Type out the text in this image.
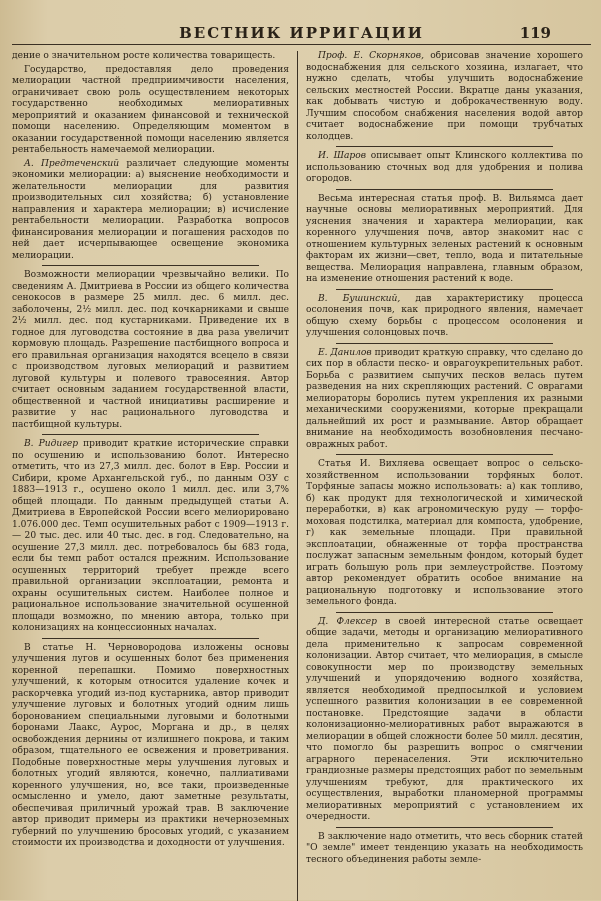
ВЕСТНИК ИРРИГАЦИИ	119

дение о значительном росте количества товарищесть.

Государство, предоставляя дело проведения мелиорации частной предприимчивости населения, ограничивает свою роль осуществлением некоторых государственно необходимых мелиоративных мероприятий и оказанием финансовой и технической помощи населению. Определяющим моментом в оказании государственной помощи населению является рентабельность намечаемой мелиорации.

А. Предтеченский различает следующие моменты экономики мелиорации: а) выяснение необходимости и желательности мелиорации для развития производительных сил хозяйства; б) установление направления и характера мелиорации; в) исчисление рентабельности мелиорации. Разработка вопросов финансирования мелиорации и погашения расходов по ней дает исчерпывающее освещение экономика мелиорации.

Возможности мелиорации чрезвычайно велики. По сведениям А. Дмитриева в России из общего количества сенокосов в размере 25 милл. дес. 6 милл. дес. заболочены, 2½ милл. дес. под кочкарниками и свыше 2½ милл. дес. под кустарниками. Приведение их в годное для луговодства состояние в два раза увеличит кормовую площадь. Разрешение пастбищного вопроса и его правильная организация находятся всецело в связи с производством луговых мелиораций и развитием луговой культуры и полевого травосеяния. Автор считает основным заданием государственной власти, общественной и частной инициативы расширение и развитие у нас рационального луговодства и пастбищной культуры.

В. Ридигер приводит краткие исторические справки по осушению и использованию болот. Интересно отметить, что из 27,3 милл. дес. болот в Евр. России и Сибири, кроме Архангельской губ., по данным ОЗУ с 1883—1913 г., осушено около 1 милл. дес. или 3,7% общей площади. По данным предыдущей статьи А. Дмитриева в Европейской России всего мелиорировано 1.076.000 дес. Темп осушительных работ с 1909—1913 г. — 20 тыс. дес. или 40 тыс. дес. в год. Следовательно, на осушение 27,3 милл. дес. потребовалось бы 683 года, если бы темп работ остался прежним. Использование осушенных территорий требует прежде всего правильной организации эксплоатации, ремонта и охраны осушительных систем. Наиболее полное и рациональное использование значительной осушенной площади возможно, по мнению автора, только при колонизациях на концессионных началах.

В статье Н. Черновородова изложены основы улучшения лугов и осушенных болот без применения коренной перепашки. Помимо поверхностных улучшений, к которым относится удаление кочек и раскорчевка угодий из-под кустарника, автор приводит улучшение луговых и болотных угодий одним лишь боронованием специальными луговыми и болотными боронами Лаакс, Аурос, Моргана и др., в целях освобождения дернины от излишнего покрова, и таким образом, тщательного ее освежения и проветривания. Подобные поверхностные меры улучшения луговых и болотных угодий являются, конечно, паллиативами коренного улучшения, но, все таки, произведенные осмысленно и умело, дают заметные результаты, обеспечивая приличный урожай трав. В заключение автор приводит примеры из практики нечерноземных губерний по улучшению бросовых угодий, с указанием стоимости их производства и доходности от улучшения.

Проф. Е. Скорняков, обрисовав значение хорошего водоснабжения для сельского хозяина, излагает, что нужно сделать, чтобы улучшить водоснабжение сельских местностей России. Вкратце даны указания, как добывать чистую и доброкачественную воду. Лучшим способом снабжения населения водой автор считает водоснабжение при помощи трубчатых колодцев.

И. Шаров описывает опыт Клинского коллектива по использованию сточных вод для удобрения и полива огородов.

Весьма интересная статья проф. В. Вильямса дает научные основы мелиоративных мероприятий. Для уяснения значения и характера мелиорации, как коренного улучшения почв, автор знакомит нас с отношением культурных зеленых растений к основным факторам их жизни—свет, тепло, вода и питательные вещества. Мелиорация направлена, главным образом, на изменение отношения растений к воде.

В. Бушинский, дав характеристику процесса осолонения почв, как природного явления, намечает общую схему борьбы с процессом осолонения и улучшения солонцовых почв.

Е. Данилов приводит краткую справку, что сделано до сих пор в области песко- и оврагоукрепительных работ. Борьба с развитием сыпучих песков велась путем разведения на них скрепляющих растений. С оврагами мелиораторы боролись путем укрепления их разными механическими сооружениями, которые прекращали дальнейший их рост и размывание. Автор обращает внимание на необходимость возобновления песчано-овражных работ.

Статья И. Вихляева освещает вопрос о сельско-хозяйственном использовании торфяных болот. Торфяные запасы можно использовать: а) как топливо, б) как продукт для технологической и химической переработки, в) как агрономическую руду — торфо-моховая подстилка, материал для компоста, удобрение, г) как земельные площади. При правильной эксплоатации, обнаженные от торфа пространства послужат запасным земельным фондом, который будет играть большую роль при землеустройстве. Поэтому автор рекомендует обратить особое внимание на рациональную подготовку и использование этого земельного фонда.

Д. Флексер в своей интересной статье освещает общие задачи, методы и организацию мелиоративного дела применительно к запросам современной колонизации. Автор считает, что мелиорация, в смысле совокупности мер по производству земельных улучшений и упорядочению водного хозяйства, является необходимой предпосылкой и условием успешного развития колонизации в ее современной постановке. Предстоящие задачи в области колонизационно-мелиоративных работ выражаются в мелиорации в общей сложности более 50 милл. десятин, что помогло бы разрешить вопрос о смягчении аграрного перенаселения. Эти исключительно грандиозные размеры предстоящих работ по земельным улучшениям требуют, для практического их осуществления, выработки планомерной программы мелиоративных мероприятий с установлением их очередности.

В заключение надо отметить, что весь сборник статей "О земле" имеет тенденцию указать на необходимость тесного объединения работы земле-
